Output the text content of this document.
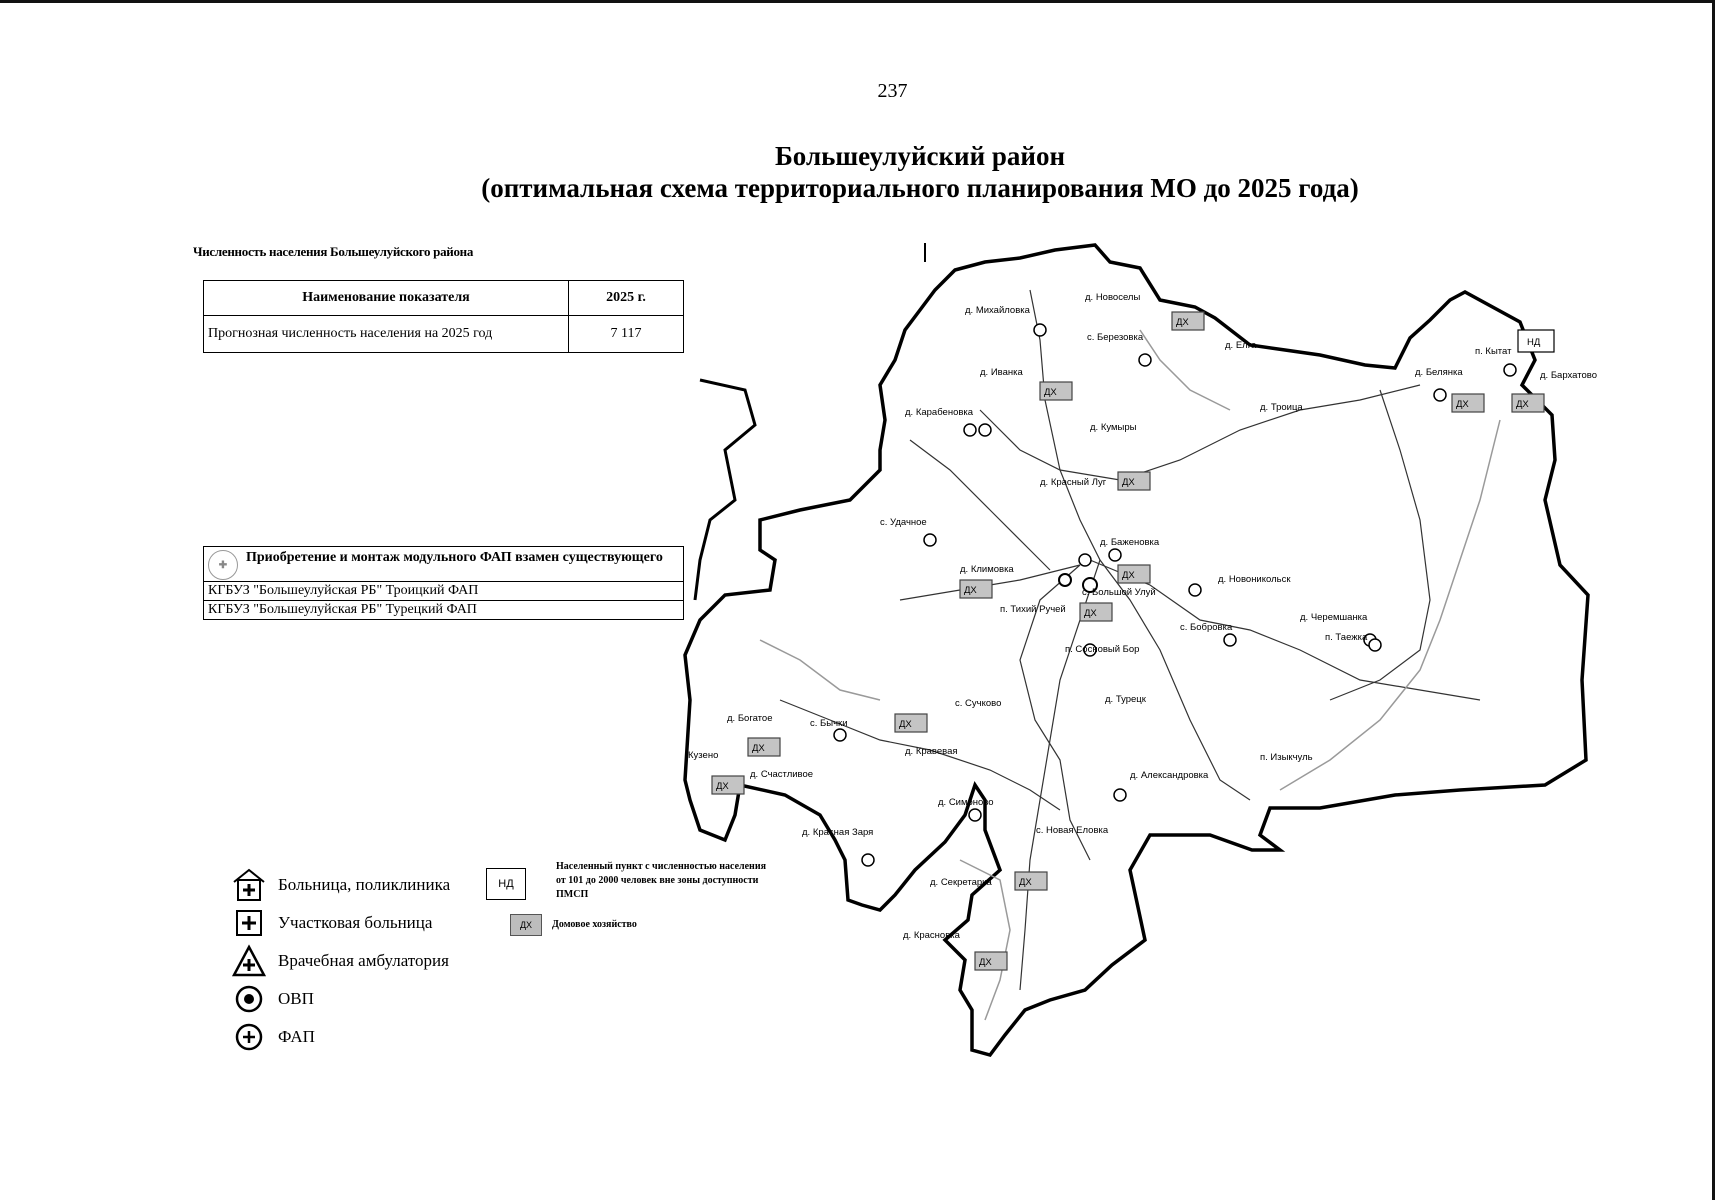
237
Большеулуйский район
(оптимальная схема территориального планирования МО до 2025 года)
Численность населения Большеулуйского района
Наименование показателя	2025 г.
Прогнозная численность населения на 2025 год	7 117
✚	Приобретение и монтаж модульного ФАП взамен существующего

КГБУЗ "Большеулуйская РБ" Троицкий ФАП
КГБУЗ "Большеулуйская РБ" Турецкий ФАП
д. Михайловка
д. Новоселы
с. Березовка
д. Елга
п. Кытат
д. Белянка	д. Бархатово
д. Иванка
д. Карабеновка	д. Троица
д. Кумыры
д. Красный Луг
с. Удачное
д. Баженовка
д. Климовка
д. Новоникольск
с. Большой Улуй
п. Тихий Ручей
д. Черемшанка
с. Бобровка
п. Таежка
п. Сосновый Бор
д. Турецк
с. Сучково
д. Богатое	с. Бычки
д. Кравевая
Кузено
д. Счастливое
п. Изыкчуль
д. Александровка
д. Симоново
д. Красная Заря	с. Новая Еловка
д. Секретарка
д. Красновка
ДХ
ДХ
ДХ
ДХ
ДХ
ДХ
ДХ	ДХ
ДХ
ДХ
ДХ
ДХ
ДХ
НД
Больница, поликлиника
Участковая больница
Врачебная амбулатория
ОВП
ФАП
НД
Населенный пункт с численностью населения от 101 до 2000 человек вне зоны доступности ПМСП
ДХ	Домовое хозяйство
